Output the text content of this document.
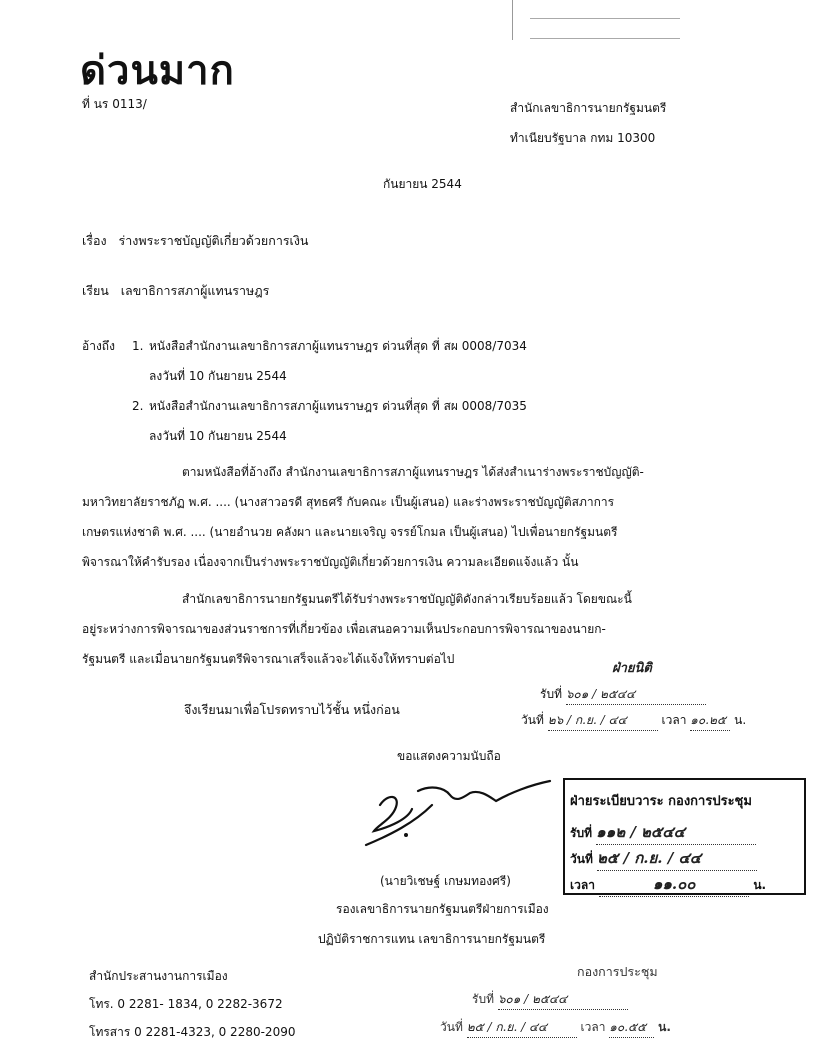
ด่วนมาก
ที่ นร 0113/	สำนักเลขาธิการนายกรัฐมนตรี
ทำเนียบรัฐบาล กทม 10300
กันยายน 2544
เรื่อง ร่างพระราชบัญญัติเกี่ยวด้วยการเงิน
เรียน เลขาธิการสภาผู้แทนราษฎร
อ้างถึง 1. หนังสือสำนักงานเลขาธิการสภาผู้แทนราษฎร ด่วนที่สุด ที่ สผ 0008/7034
ลงวันที่ 10 กันยายน 2544
2. หนังสือสำนักงานเลขาธิการสภาผู้แทนราษฎร ด่วนที่สุด ที่ สผ 0008/7035
ลงวันที่ 10 กันยายน 2544
ตามหนังสือที่อ้างถึง สำนักงานเลขาธิการสภาผู้แทนราษฎร ได้ส่งสำเนาร่างพระราชบัญญัติ-
มหาวิทยาลัยราชภัฏ พ.ศ. .... (นางสาวอรดี สุทธศรี กับคณะ เป็นผู้เสนอ) และร่างพระราชบัญญัติสภาการ
เกษตรแห่งชาติ พ.ศ. .... (นายอำนวย คลังผา และนายเจริญ จรรย์โกมล เป็นผู้เสนอ) ไปเพื่อนายกรัฐมนตรี
พิจารณาให้คำรับรอง เนื่องจากเป็นร่างพระราชบัญญัติเกี่ยวด้วยการเงิน ความละเอียดแจ้งแล้ว นั้น
สำนักเลขาธิการนายกรัฐมนตรีได้รับร่างพระราชบัญญัติดังกล่าวเรียบร้อยแล้ว โดยขณะนี้
อยู่ระหว่างการพิจารณาของส่วนราชการที่เกี่ยวข้อง เพื่อเสนอความเห็นประกอบการพิจารณาของนายก-
รัฐมนตรี และเมื่อนายกรัฐมนตรีพิจารณาเสร็จแล้วจะได้แจ้งให้ทราบต่อไป
จึงเรียนมาเพื่อโปรดทราบไว้ชั้น หนึ่งก่อน
ฝ่ายนิติ
รับที่ ๖๐๑ / ๒๕๔๔
วันที่ ๒๖ / ก.ย. / ๔๔	เวลา ๑๐.๒๕ น.
ขอแสดงความนับถือ
ฝ่ายระเบียบวาระ กองการประชุม
รับที่ ๑๑๒ / ๒๕๔๔
วันที่ ๒๕ / ก.ย. / ๔๔
เวลา	๑๑.๐๐	น.
(นายวิเชษฐ์ เกษมทองศรี)
รองเลขาธิการนายกรัฐมนตรีฝ่ายการเมือง
ปฏิบัติราชการแทน เลขาธิการนายกรัฐมนตรี
สำนักประสานงานการเมือง
โทร. 0 2281- 1834, 0 2282-3672
โทรสาร 0 2281-4323, 0 2280-2090
กองการประชุม
รับที่ ๖๐๑ / ๒๕๔๔
วันที่ ๒๕ / ก.ย. / ๔๔	เวลา ๑๐.๕๕ น.
